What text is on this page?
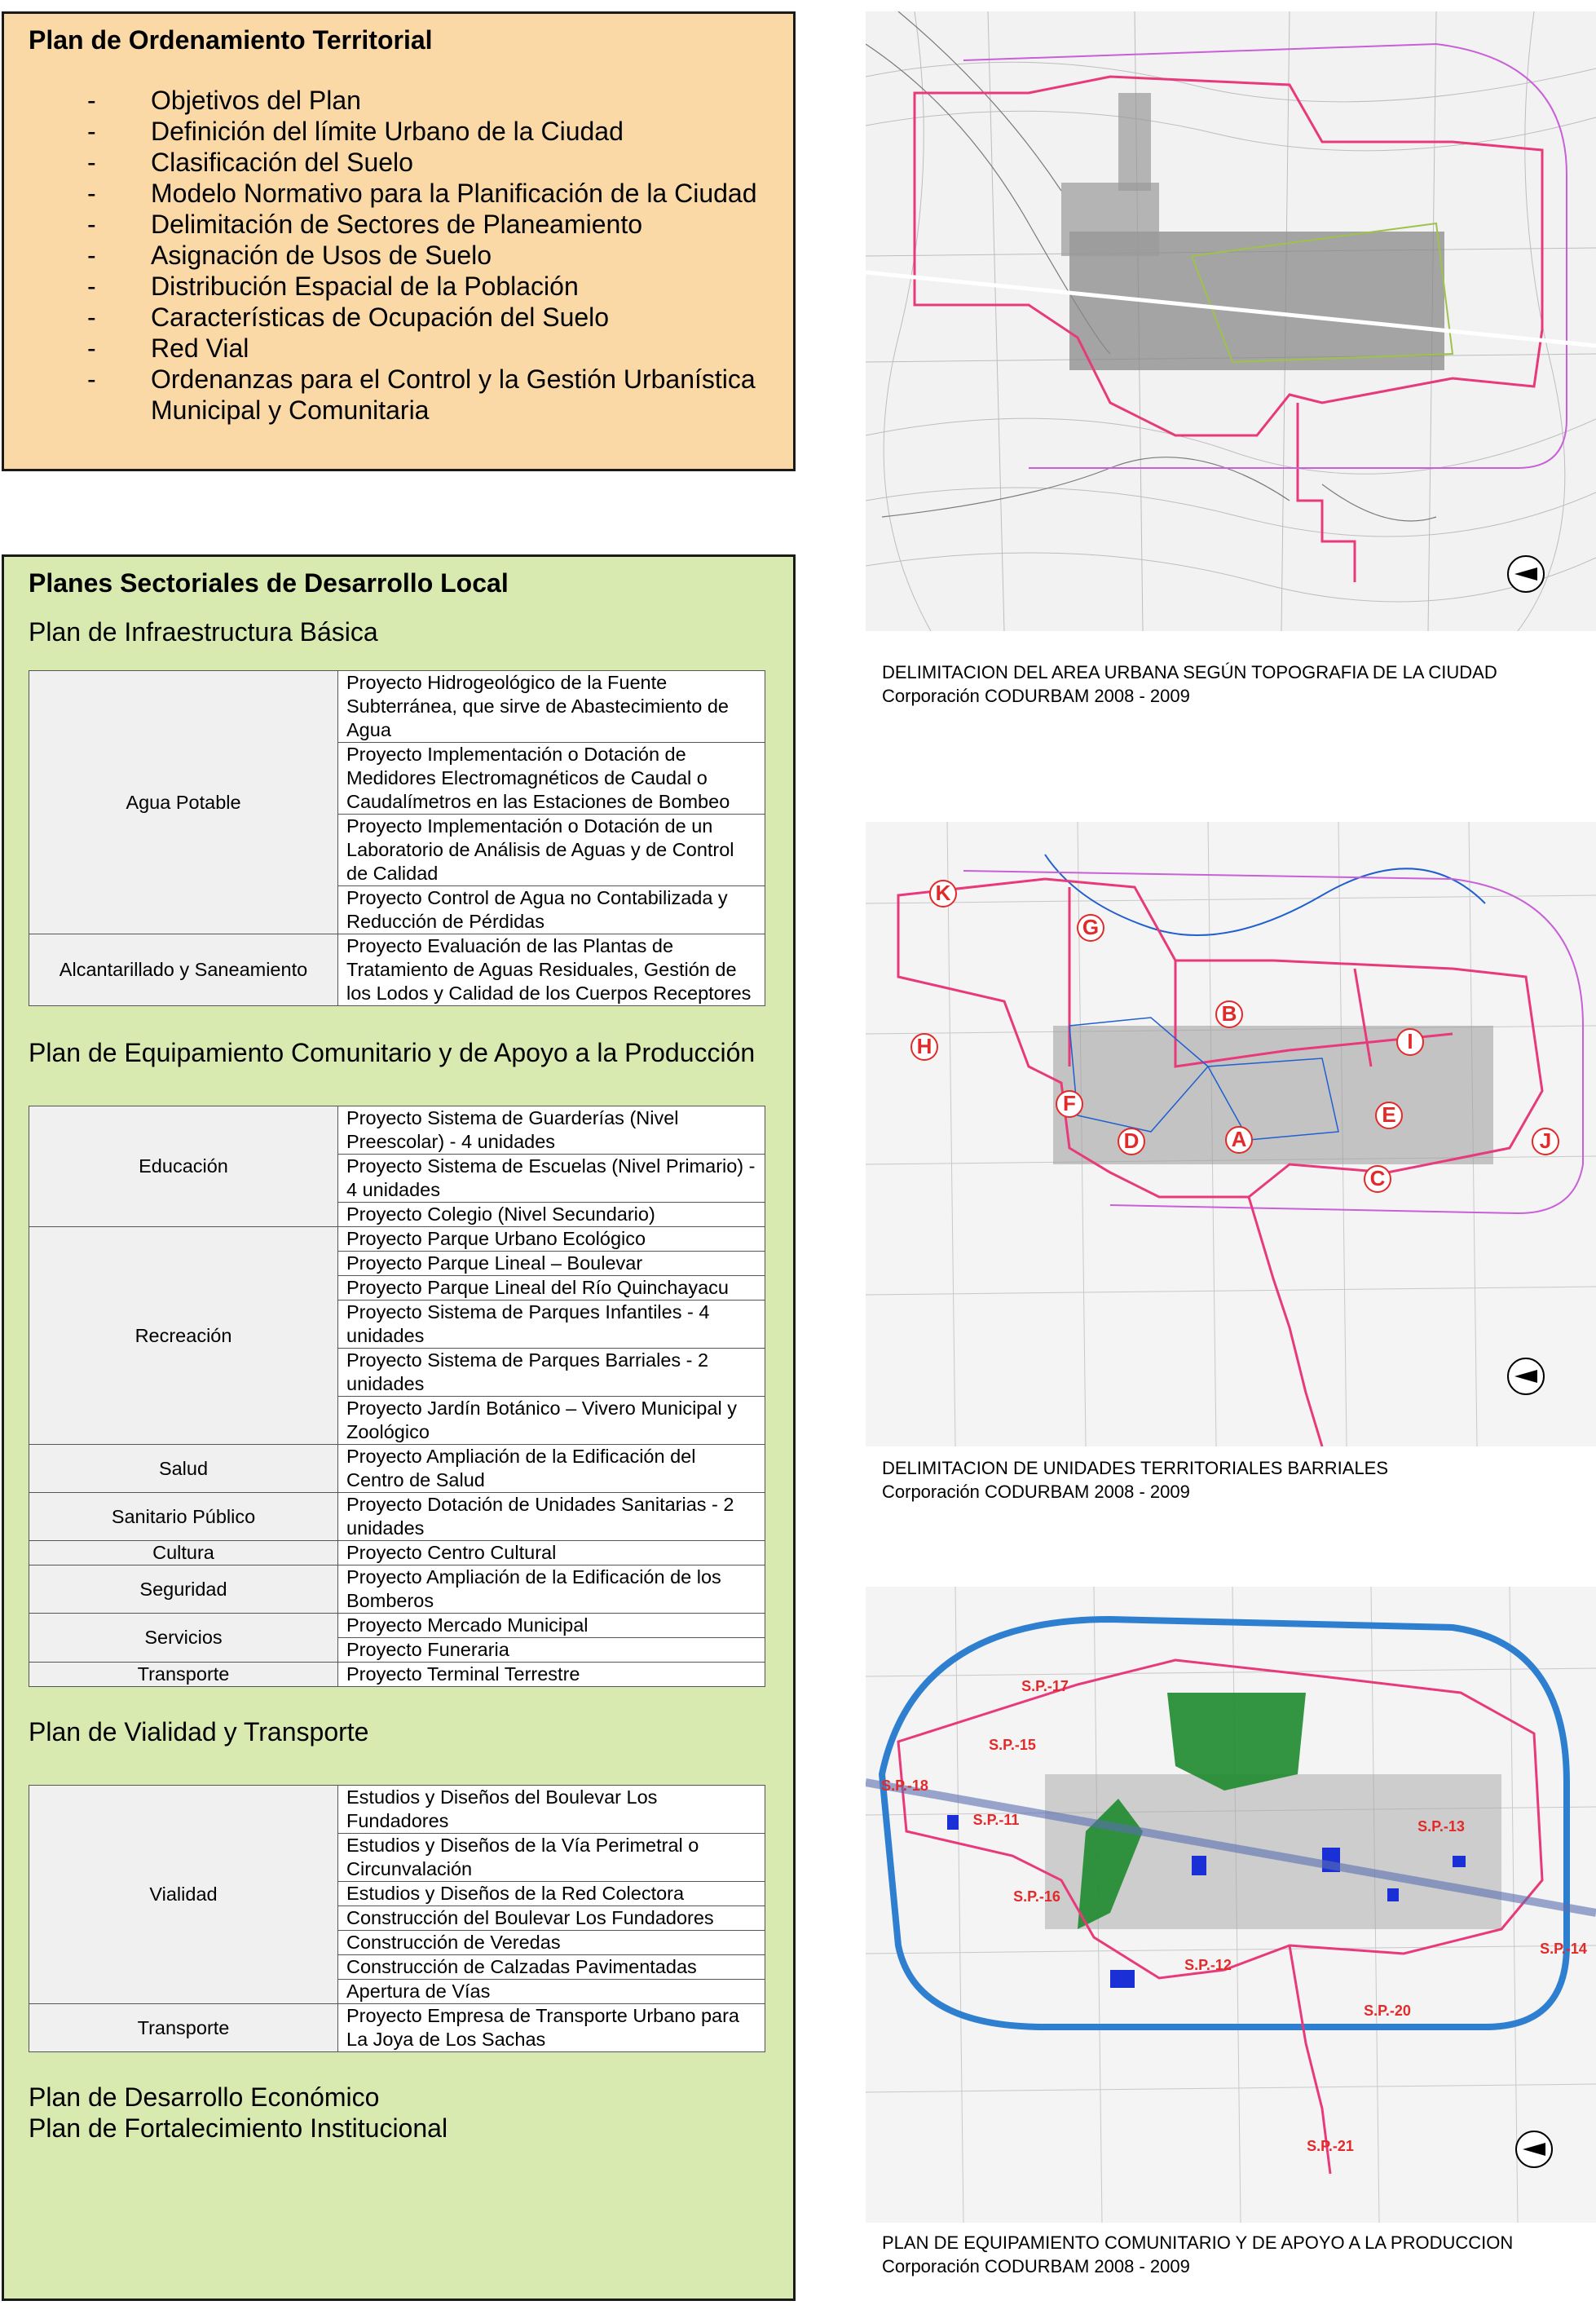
Plan de Ordenamiento Territorial
- Objetivos del Plan
- Definición del límite Urbano de la Ciudad
- Clasificación del Suelo
- Modelo Normativo para la Planificación de la Ciudad
- Delimitación de Sectores de Planeamiento
- Asignación de Usos de Suelo
- Distribución Espacial de la Población
- Características de Ocupación del Suelo
- Red Vial
- Ordenanzas para el Control y la Gestión Urbanística Municipal y Comunitaria
Planes Sectoriales de Desarrollo Local
Plan de Infraestructura Básica
Agua Potable	Proyecto Hidrogeológico de la Fuente Subterránea, que sirve de Abastecimiento de Agua
	Proyecto Implementación o Dotación de Medidores Electromagnéticos de Caudal o Caudalímetros en las Estaciones de Bombeo
	Proyecto Implementación o Dotación de un Laboratorio de Análisis de Aguas y de Control de Calidad
	Proyecto Control de Agua no Contabilizada y Reducción de Pérdidas
Alcantarillado y Saneamiento	Proyecto Evaluación de las Plantas de Tratamiento de Aguas Residuales, Gestión de los Lodos y Calidad de los Cuerpos Receptores
Plan de Equipamiento Comunitario y de Apoyo a la Producción
Educación	Proyecto Sistema de Guarderías (Nivel Preescolar) - 4 unidades
	Proyecto Sistema de Escuelas (Nivel Primario) - 4 unidades
	Proyecto Colegio (Nivel Secundario)
Recreación	Proyecto Parque Urbano Ecológico
	Proyecto Parque Lineal – Boulevar
	Proyecto Parque Lineal del Río Quinchayacu
	Proyecto Sistema de Parques Infantiles - 4 unidades
	Proyecto Sistema de Parques Barriales - 2 unidades
	Proyecto Jardín Botánico – Vivero Municipal y Zoológico
Salud	Proyecto Ampliación de la Edificación del Centro de Salud
Sanitario Público	Proyecto Dotación de Unidades Sanitarias - 2 unidades
Cultura	Proyecto Centro Cultural
Seguridad	Proyecto Ampliación de la Edificación de los Bomberos
Servicios	Proyecto Mercado Municipal
	Proyecto Funeraria
Transporte	Proyecto Terminal Terrestre
Plan de Vialidad y Transporte
Vialidad	Estudios y Diseños del Boulevar Los Fundadores
	Estudios y Diseños de la Vía Perimetral o Circunvalación
	Estudios y Diseños de la Red Colectora
	Construcción del Boulevar Los Fundadores
	Construcción de Veredas
	Construcción de Calzadas Pavimentadas
	Apertura de Vías
Transporte	Proyecto Empresa de Transporte Urbano para La Joya de Los Sachas
Plan de Desarrollo Económico
Plan de Fortalecimiento Institucional
DELIMITACION DEL AREA URBANA SEGÚN TOPOGRAFIA DE LA CIUDAD
Corporación CODURBAM 2008 - 2009
K
G
B
H
F
D	A
I
E
C
J
DELIMITACION DE UNIDADES TERRITORIALES BARRIALES
Corporación CODURBAM 2008 - 2009
S.P.-17
S.P.-15
S.P.-18
S.P.-11
S.P.-16
S.P.-13
S.P.-12
S.P.-20
S.P.-14
S.P.-21
PLAN DE EQUIPAMIENTO COMUNITARIO Y DE APOYO A LA PRODUCCION
Corporación CODURBAM 2008 - 2009
